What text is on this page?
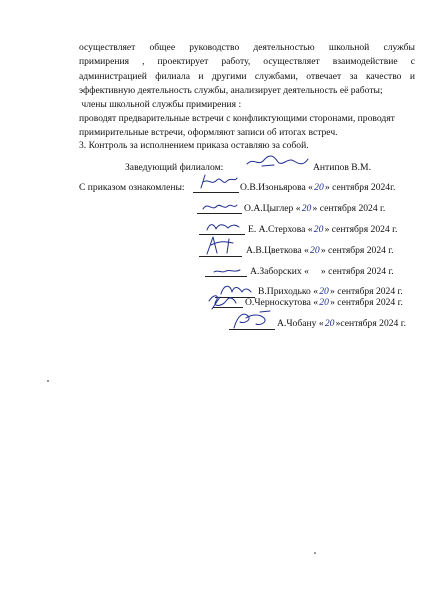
осуществляет общее руководство деятельностью школьной службы

примирения , проектирует работу, осуществляет взаимодействие с

администрацией филиала и другими службами, отвечает за качество и

эффективную деятельность службы, анализирует деятельность её работы;

члены школьной службы примирения :

проводят предварительные встречи с конфликтующими сторонами, проводят

примирительные встречи, оформляют записи об итогах встреч.

3. Контроль за исполнением приказа оставляю за собой.

Заведующий филиалом:	Антипов В.М.
С приказом ознакомлены:	О.В.Изоньярова «20» сентября 2024г.
О.А.Цыглер «20» сентября 2024 г.
Е. А.Стерхова «20» сентября 2024 г.
А.В.Цветкова «20» сентября 2024 г.
А.Заборских « » сентября 2024 г.
В.Приходько «20» сентября 2024 г.
О.Черноскутова «20» сентября 2024 г.
А.Чобану «20»сентября 2024 г.
